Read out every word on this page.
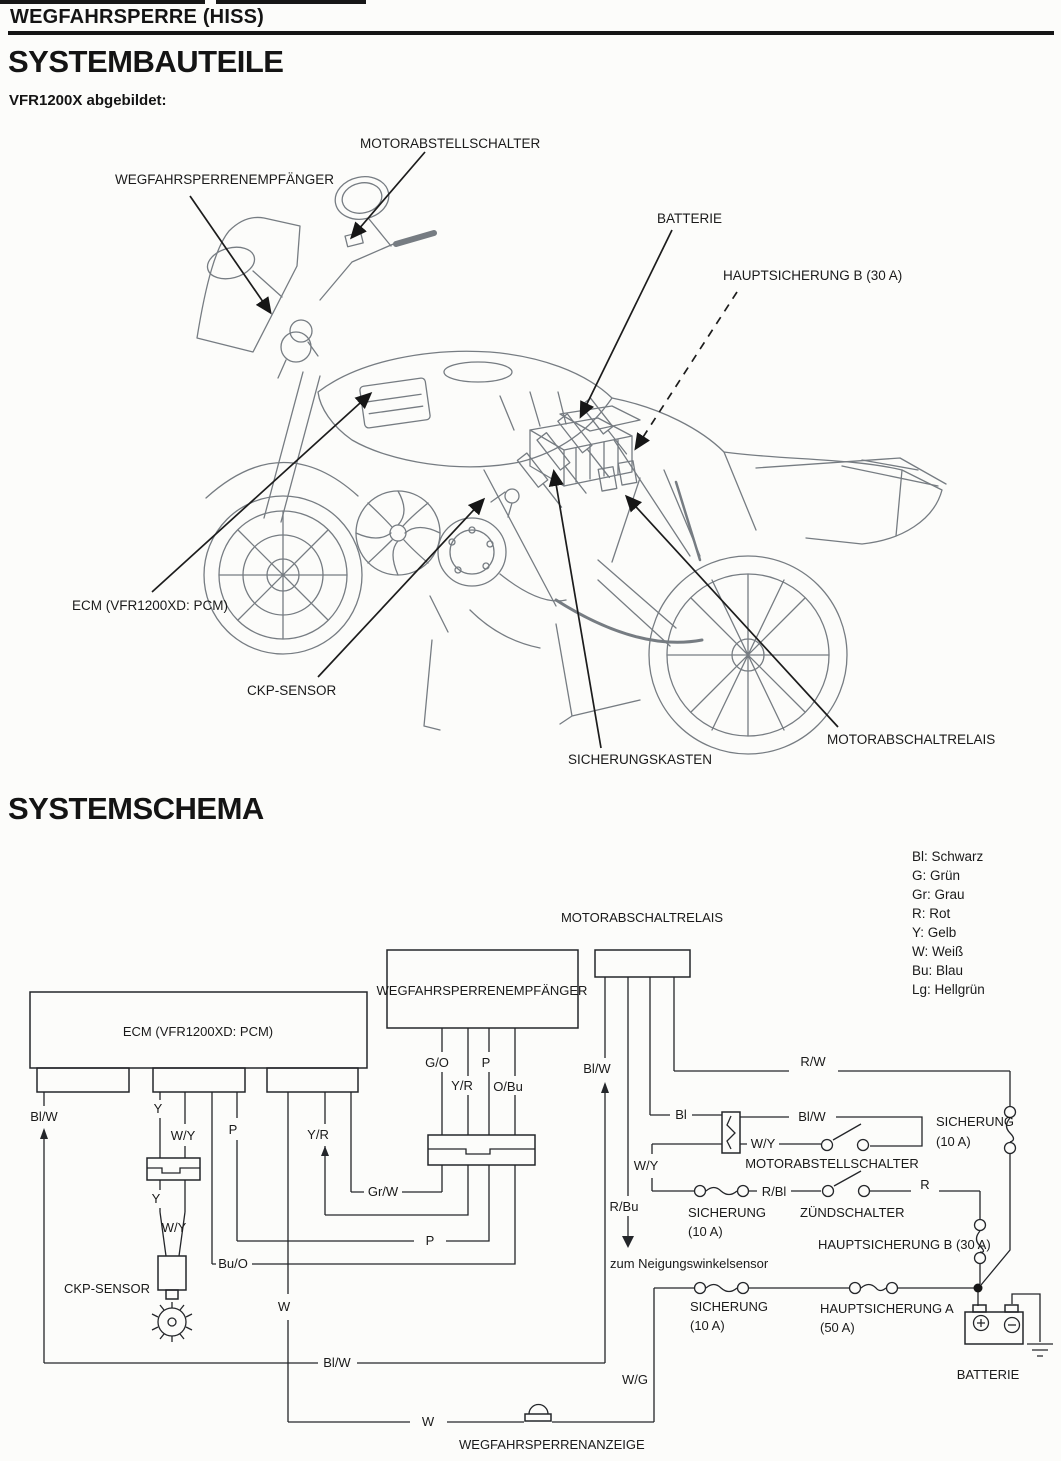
WEGFAHRSPERRE (HISS)
SYSTEMBAUTEILE
VFR1200X abgebildet:
SYSTEMSCHEMA
MOTORABSTELLSCHALTER
WEGFAHRSPERRENEMPFÄNGER
BATTERIE
HAUPTSICHERUNG B (30 A)
ECM (VFR1200XD: PCM)
CKP-SENSOR
SICHERUNGSKASTEN
MOTORABSCHALTRELAIS
Bl: Schwarz
G: Grün
Gr: Grau
R: Rot
Y: Gelb
W: Weiß
Bu: Blau
Lg: Hellgrün
ECM (VFR1200XD: PCM)
WEGFAHRSPERRENEMPFÄNGER
MOTORABSCHALTRELAIS
G/O	P
Y/R O/Bu
Bl/W
Y
W/Y	P	Y/R
Gr/W
Y
W/Y
CKP-SENSOR
Bu/O
P
W
Bl/W
W
WEGFAHRSPERRENANZEIGE
Bl/W
Bl	Bl/W
W/Y
MOTORABSTELLSCHALTER
W/Y
R/Bu
zum Neigungswinkelsensor
R/W
SICHERUNG
(10 A)
R/Bl	R
SICHERUNG
(10 A)
ZÜNDSCHALTER
HAUPTSICHERUNG B (30 A)
SICHERUNG
(10 A)
HAUPTSICHERUNG A
(50 A)
BATTERIE
W/G
